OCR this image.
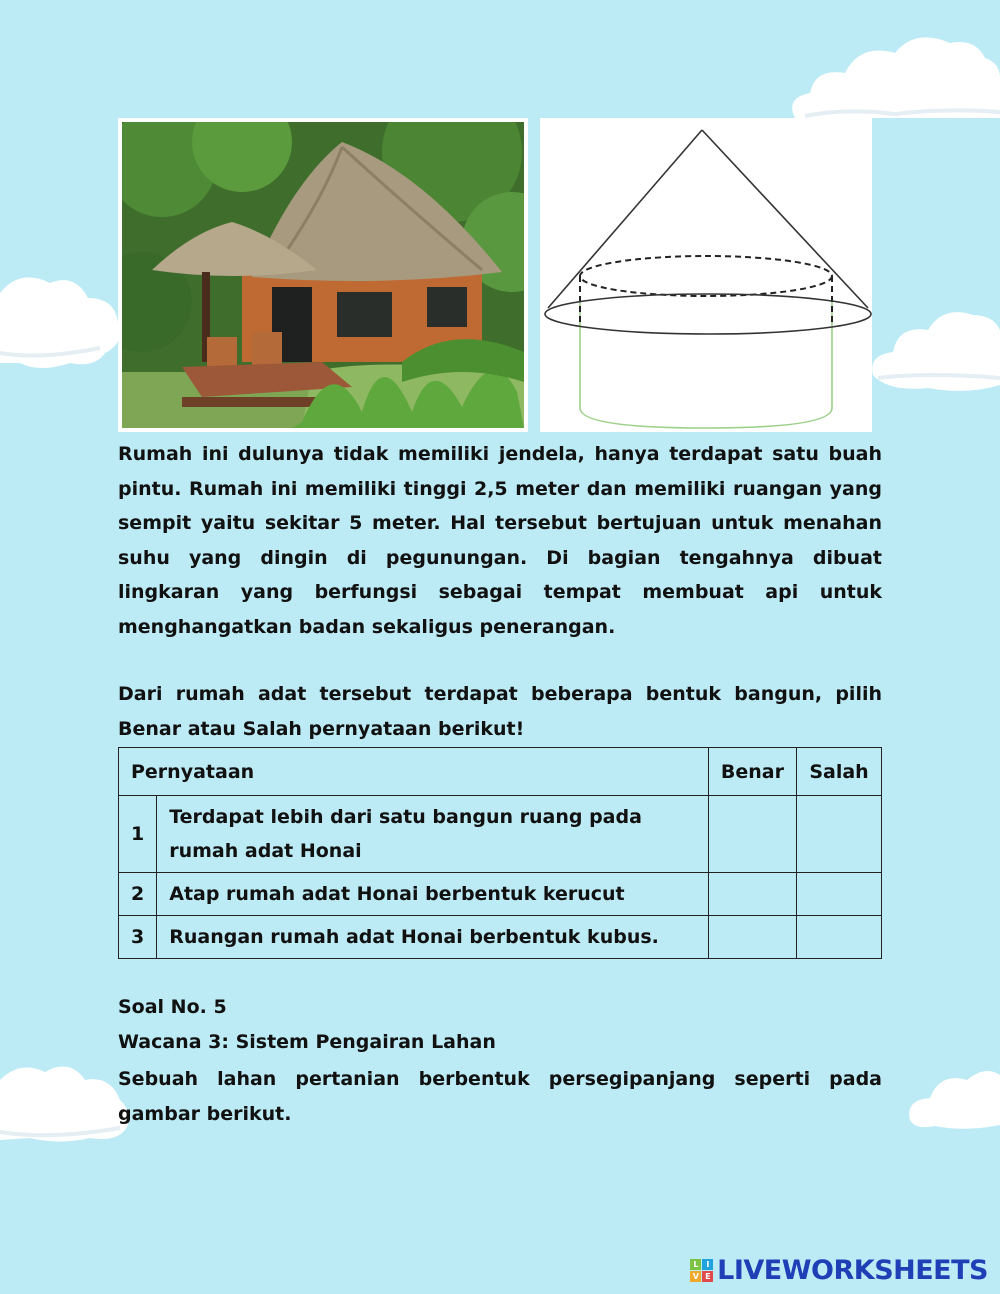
Rumah ini dulunya tidak memiliki jendela, hanya terdapat satu buah pintu. Rumah ini memiliki tinggi 2,5 meter dan memiliki ruangan yang sempit yaitu sekitar 5 meter. Hal tersebut bertujuan untuk menahan suhu yang dingin di pegunungan. Di bagian tengahnya dibuat lingkaran yang berfungsi sebagai tempat membuat api untuk menghangatkan badan sekaligus penerangan.

Dari rumah adat tersebut terdapat beberapa bentuk bangun, pilih Benar atau Salah pernyataan berikut!

Pernyataan		Benar	Salah
1	Terdapat lebih dari satu bangun ruang pada rumah adat Honai		
2	Atap rumah adat Honai berbentuk kerucut		
3	Ruangan rumah adat Honai berbentuk kubus.		

Soal No. 5

Wacana 3: Sistem Pengairan Lahan

Sebuah lahan pertanian berbentuk persegipanjang seperti pada gambar berikut.

L	I
V E LIVEWORKSHEETS
